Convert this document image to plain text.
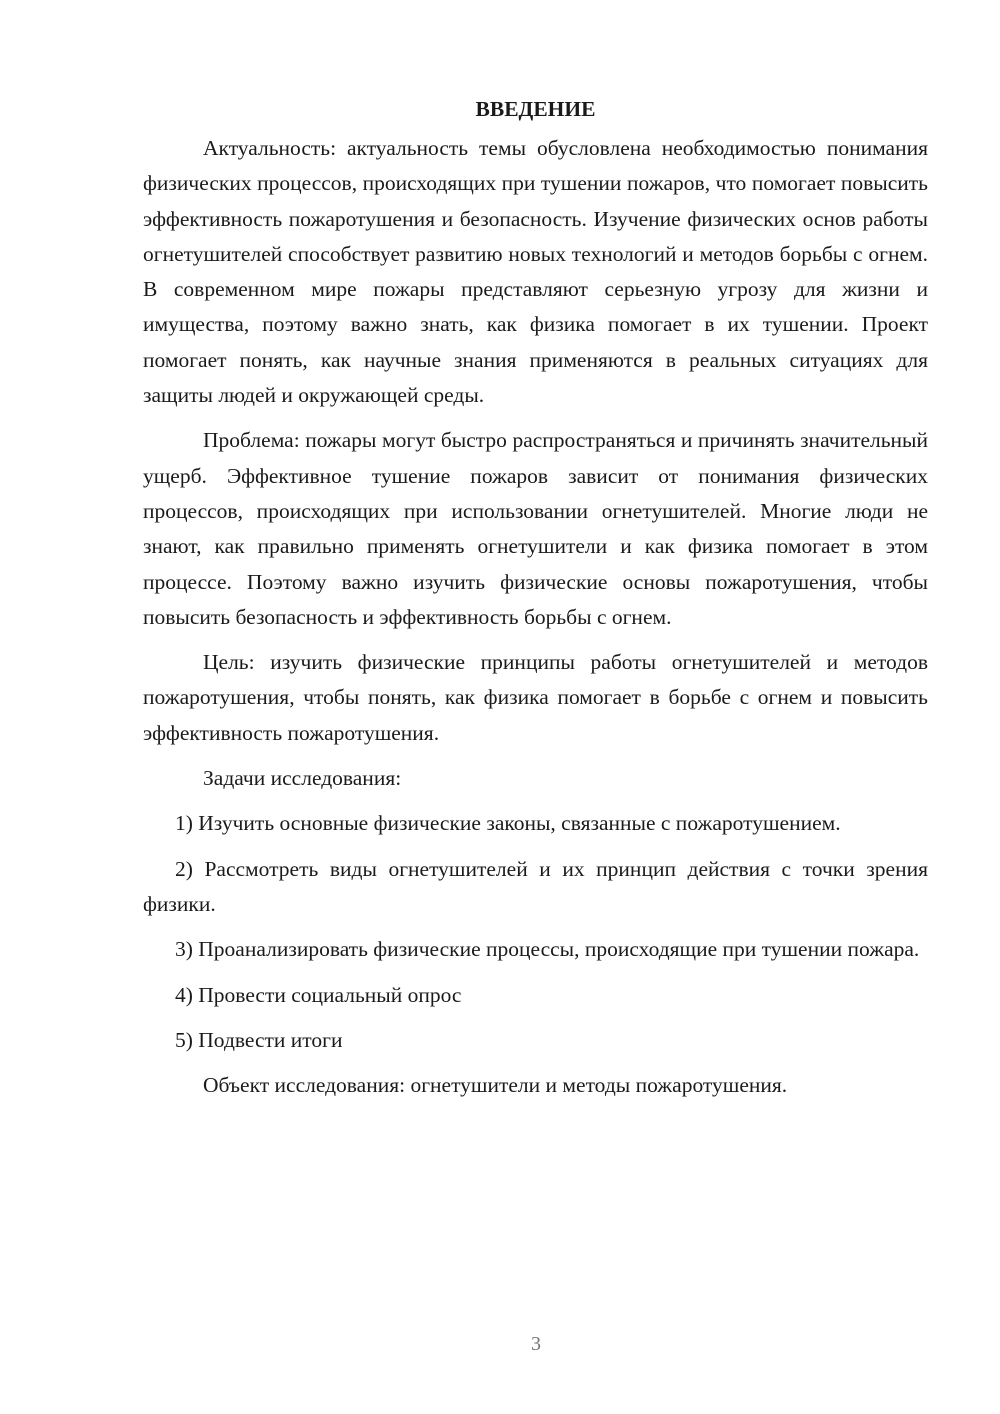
ВВЕДЕНИЕ

Актуальность: актуальность темы обусловлена необходимостью понимания физических процессов, происходящих при тушении пожаров, что помогает повысить эффективность пожаротушения и безопасность. Изучение физических основ работы огнетушителей способствует развитию новых технологий и методов борьбы с огнем. В современном мире пожары представляют серьезную угрозу для жизни и имущества, поэтому важно знать, как физика помогает в их тушении. Проект помогает понять, как научные знания применяются в реальных ситуациях для защиты людей и окружающей среды.

Проблема: пожары могут быстро распространяться и причинять значительный ущерб. Эффективное тушение пожаров зависит от понимания физических процессов, происходящих при использовании огнетушителей. Многие люди не знают, как правильно применять огнетушители и как физика помогает в этом процессе. Поэтому важно изучить физические основы пожаротушения, чтобы повысить безопасность и эффективность борьбы с огнем.

Цель: изучить физические принципы работы огнетушителей и методов пожаротушения, чтобы понять, как физика помогает в борьбе с огнем и повысить эффективность пожаротушения.

Задачи исследования:

1) Изучить основные физические законы, связанные с пожаротушением.

2) Рассмотреть виды огнетушителей и их принцип действия с точки зрения физики.

3) Проанализировать физические процессы, происходящие при тушении пожара.

4) Провести социальный опрос

5) Подвести итоги

Объект исследования: огнетушители и методы пожаротушения.

3
